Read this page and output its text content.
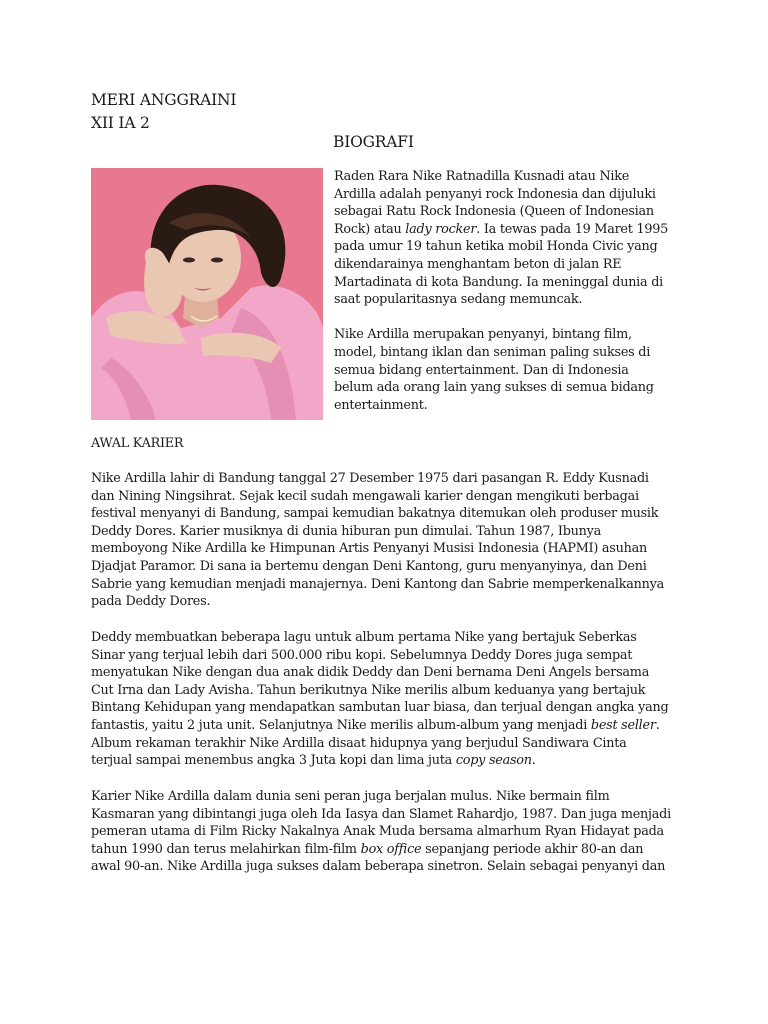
MERI ANGGRAINI
XII IA 2
BIOGRAFI

Raden Rara Nike Ratnadilla Kusnadi atau Nike
Ardilla adalah penyanyi rock Indonesia dan dijuluki
sebagai Ratu Rock Indonesia (Queen of Indonesian
Rock) atau lady rocker. Ia tewas pada 19 Maret 1995
pada umur 19 tahun ketika mobil Honda Civic yang
dikendarainya menghantam beton di jalan RE
Martadinata di kota Bandung. Ia meninggal dunia di
saat popularitasnya sedang memuncak.

Nike Ardilla merupakan penyanyi, bintang film,
model, bintang iklan dan seniman paling sukses di
semua bidang entertainment. Dan di Indonesia
belum ada orang lain yang sukses di semua bidang
entertainment.

AWAL KARIER
Nike Ardilla lahir di Bandung tanggal 27 Desember 1975 dari pasangan R. Eddy Kusnadi
dan Nining Ningsihrat. Sejak kecil sudah mengawali karier dengan mengikuti berbagai
festival menyanyi di Bandung, sampai kemudian bakatnya ditemukan oleh produser musik
Deddy Dores. Karier musiknya di dunia hiburan pun dimulai. Tahun 1987, Ibunya
memboyong Nike Ardilla ke Himpunan Artis Penyanyi Musisi Indonesia (HAPMI) asuhan
Djadjat Paramor. Di sana ia bertemu dengan Deni Kantong, guru menyanyinya, dan Deni
Sabrie yang kemudian menjadi manajernya. Deni Kantong dan Sabrie memperkenalkannya
pada Deddy Dores.
Deddy membuatkan beberapa lagu untuk album pertama Nike yang bertajuk Seberkas
Sinar yang terjual lebih dari 500.000 ribu kopi. Sebelumnya Deddy Dores juga sempat
menyatukan Nike dengan dua anak didik Deddy dan Deni bernama Deni Angels bersama
Cut Irna dan Lady Avisha. Tahun berikutnya Nike merilis album keduanya yang bertajuk
Bintang Kehidupan yang mendapatkan sambutan luar biasa, dan terjual dengan angka yang
fantastis, yaitu 2 juta unit. Selanjutnya Nike merilis album-album yang menjadi best seller.
Album rekaman terakhir Nike Ardilla disaat hidupnya yang berjudul Sandiwara Cinta
terjual sampai menembus angka 3 Juta kopi dan lima juta copy season.
Karier Nike Ardilla dalam dunia seni peran juga berjalan mulus. Nike bermain film
Kasmaran yang dibintangi juga oleh Ida Iasya dan Slamet Rahardjo, 1987. Dan juga menjadi
pemeran utama di Film Ricky Nakalnya Anak Muda bersama almarhum Ryan Hidayat pada
tahun 1990 dan terus melahirkan film-film box office sepanjang periode akhir 80-an dan
awal 90-an. Nike Ardilla juga sukses dalam beberapa sinetron. Selain sebagai penyanyi dan
